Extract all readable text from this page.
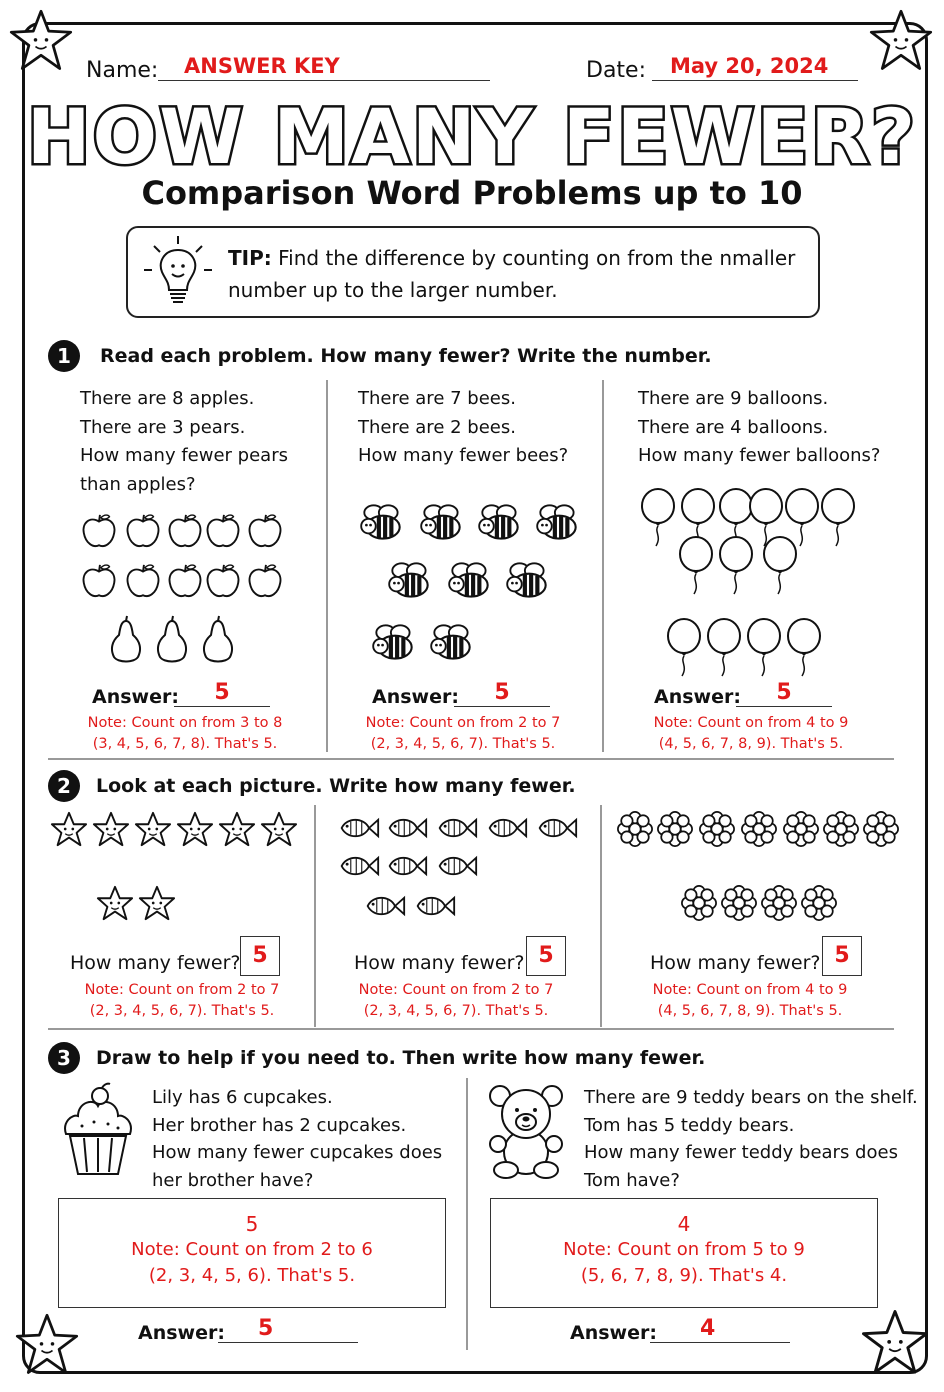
Name: ANSWER KEY	Date: May 20, 2024
HOW MANY FEWER?
Comparison Word Problems up to 10
TIP: Find the difference by counting on from the nmaller number up to the larger number.
1	Read each problem. How many fewer? Write the number.
There are 8 apples.
There are 3 pears.
How many fewer pears
than apples?
Answer:	5
Note: Count on from 3 to 8
(3, 4, 5, 6, 7, 8). That's 5.
There are 7 bees.
There are 2 bees.
How many fewer bees?
Answer:	5
Note: Count on from 2 to 7
(2, 3, 4, 5, 6, 7). That's 5.
There are 9 balloons.
There are 4 balloons.
How many fewer balloons?
Answer:	5
Note: Count on from 4 to 9
(4, 5, 6, 7, 8, 9). That's 5.
2	Look at each picture. Write how many fewer.
How many fewer? 5
Note: Count on from 2 to 7
(2, 3, 4, 5, 6, 7). That's 5.
How many fewer? 5
Note: Count on from 2 to 7
(2, 3, 4, 5, 6, 7). That's 5.
How many fewer? 5
Note: Count on from 4 to 9
(4, 5, 6, 7, 8, 9). That's 5.
3	Draw to help if you need to. Then write how many fewer.
Lily has 6 cupcakes.
Her brother has 2 cupcakes.
How many fewer cupcakes does
her brother have?
5
Note: Count on from 2 to 6
(2, 3, 4, 5, 6). That's 5.
Answer:	5
There are 9 teddy bears on the shelf.
Tom has 5 teddy bears.
How many fewer teddy bears does
Tom have?
4
Note: Count on from 5 to 9
(5, 6, 7, 8, 9). That's 4.
Answer:	4
